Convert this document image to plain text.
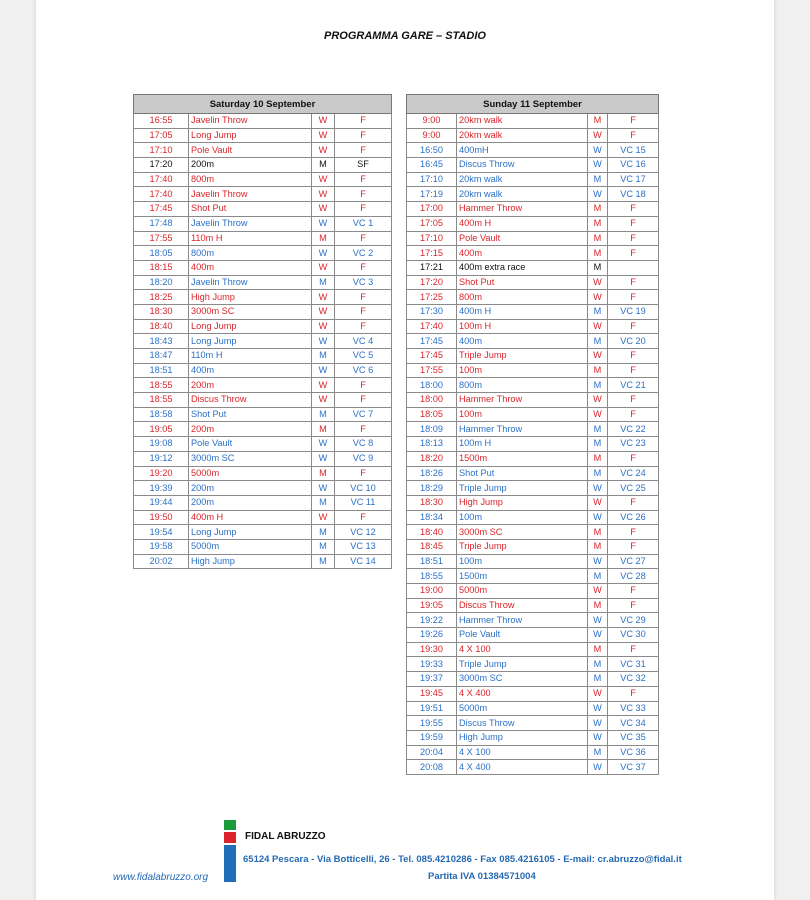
PROGRAMMA GARE – STADIO
Saturday 10 September			
16:55	Javelin Throw	W	F
17:05	Long Jump	W	F
17:10	Pole Vault	W	F
17:20	200m	M	SF
17:40	800m	W	F
17:40	Javelin Throw	W	F
17:45	Shot Put	W	F
17:48	Javelin Throw	W	VC 1
17:55	110m H	M	F
18:05	800m	W	VC 2
18:15	400m	W	F
18:20	Javelin Throw	M	VC 3
18:25	High Jump	W	F
18:30	3000m SC	W	F
18:40	Long Jump	W	F
18:43	Long Jump	W	VC 4
18:47	110m H	M	VC 5
18:51	400m	W	VC 6
18:55	200m	W	F
18:55	Discus Throw	W	F
18:58	Shot Put	M	VC 7
19:05	200m	M	F
19:08	Pole Vault	W	VC 8
19:12	3000m SC	W	VC 9
19:20	5000m	M	F
19:39	200m	W	VC 10
19:44	200m	M	VC 11
19:50	400m H	W	F
19:54	Long Jump	M	VC 12
19:58	5000m	M	VC 13
20:02	High Jump	M	VC 14
Sunday 11 September			
9:00	20km walk	M	F
9:00	20km walk	W	F
16:50	400mH	W	VC 15
16:45	Discus Throw	W	VC 16
17:10	20km walk	M	VC 17
17:19	20km walk	W	VC 18
17:00	Hammer Throw	M	F
17:05	400m H	M	F
17:10	Pole Vault	M	F
17:15	400m	M	F
17:21	400m extra race	M	
17:20	Shot Put	W	F
17:25	800m	W	F
17:30	400m H	M	VC 19
17:40	100m H	W	F
17:45	400m	M	VC 20
17:45	Triple Jump	W	F
17:55	100m	M	F
18:00	800m	M	VC 21
18:00	Hammer Throw	W	F
18:05	100m	W	F
18:09	Hammer Throw	M	VC 22
18:13	100m H	M	VC 23
18:20	1500m	M	F
18:26	Shot Put	M	VC 24
18:29	Triple Jump	W	VC 25
18:30	High Jump	W	F
18:34	100m	W	VC 26
18:40	3000m SC	M	F
18:45	Triple Jump	M	F
18:51	100m	W	VC 27
18:55	1500m	M	VC 28
19:00	5000m	W	F
19:05	Discus Throw	M	F
19:22	Hammer Throw	W	VC 29
19:26	Pole Vault	W	VC 30
19:30	4 X 100	M	F
19:33	Triple Jump	M	VC 31
19:37	3000m SC	M	VC 32
19:45	4 X 400	W	F
19:51	5000m	W	VC 33
19:55	Discus Throw	W	VC 34
19:59	High Jump	W	VC 35
20:04	4 X 100	M	VC 36
20:08	4 X 400	W	VC 37
FIDAL ABRUZZO
65124 Pescara - Via Botticelli, 26 - Tel. 085.4210286 - Fax 085.4216105 - E-mail: cr.abruzzo@fidal.it
Partita IVA 01384571004
www.fidalabruzzo.org
